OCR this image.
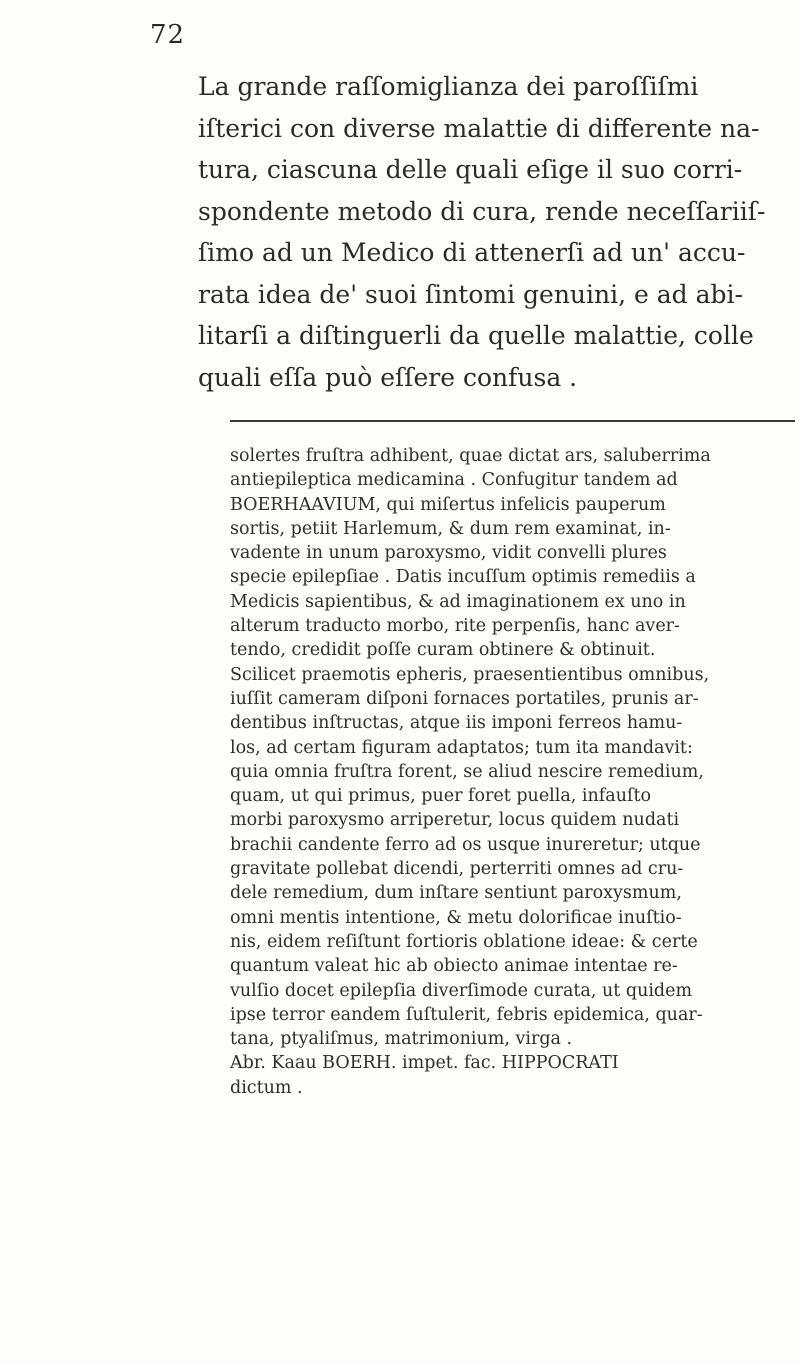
72

La grande raſſomiglianza dei paroſſiſmi
iſterici con diverse malattie di differente na-
tura, ciascuna delle quali eſige il suo corri-
spondente metodo di cura, rende neceſſariiſ-
ſimo ad un Medico di attenerſi ad un' accu-
rata idea de' suoi ſintomi genuini, e ad abi-
litarſi a diſtinguerli da quelle malattie, colle
quali eſſa può eſſere confusa .

solertes fruſtra adhibent, quae dictat ars, saluberrima
antiepileptica medicamina . Confugitur tandem ad
BOERHAAVIUM, qui miſertus infelicis pauperum
sortis, petiit Harlemum, & dum rem examinat, in-
vadente in unum paroxysmo, vidit convelli plures
specie epilepſiae . Datis incuſſum optimis remediis a
Medicis sapientibus, & ad imaginationem ex uno in
alterum traducto morbo, rite perpenſis, hanc aver-
tendo, credidit poſſe curam obtinere & obtinuit.
Scilicet praemotis epheris, praesentientibus omnibus,
iuſſit cameram diſponi fornaces portatiles, prunis ar-
dentibus inſtructas, atque iis imponi ferreos hamu-
los, ad certam figuram adaptatos; tum ita mandavit:
quia omnia fruſtra forent, se aliud nescire remedium,
quam, ut qui primus, puer foret puella, infauſto
morbi paroxysmo arriperetur, locus quidem nudati
brachii candente ferro ad os usque inureretur; utque
gravitate pollebat dicendi, perterriti omnes ad cru-
dele remedium, dum inſtare sentiunt paroxysmum,
omni mentis intentione, & metu dolorificae inuſtio-
nis, eidem reſiſtunt fortioris oblatione ideae: & certe
quantum valeat hic ab obiecto animae intentae re-
vulſio docet epilepſia diverſimode curata, ut quidem
ipse terror eandem ſuſtulerit, febris epidemica, quar-
tana, ptyaliſmus, matrimonium, virga .
Abr. Kaau BOERH. impet. fac. HIPPOCRATI
dictum .
